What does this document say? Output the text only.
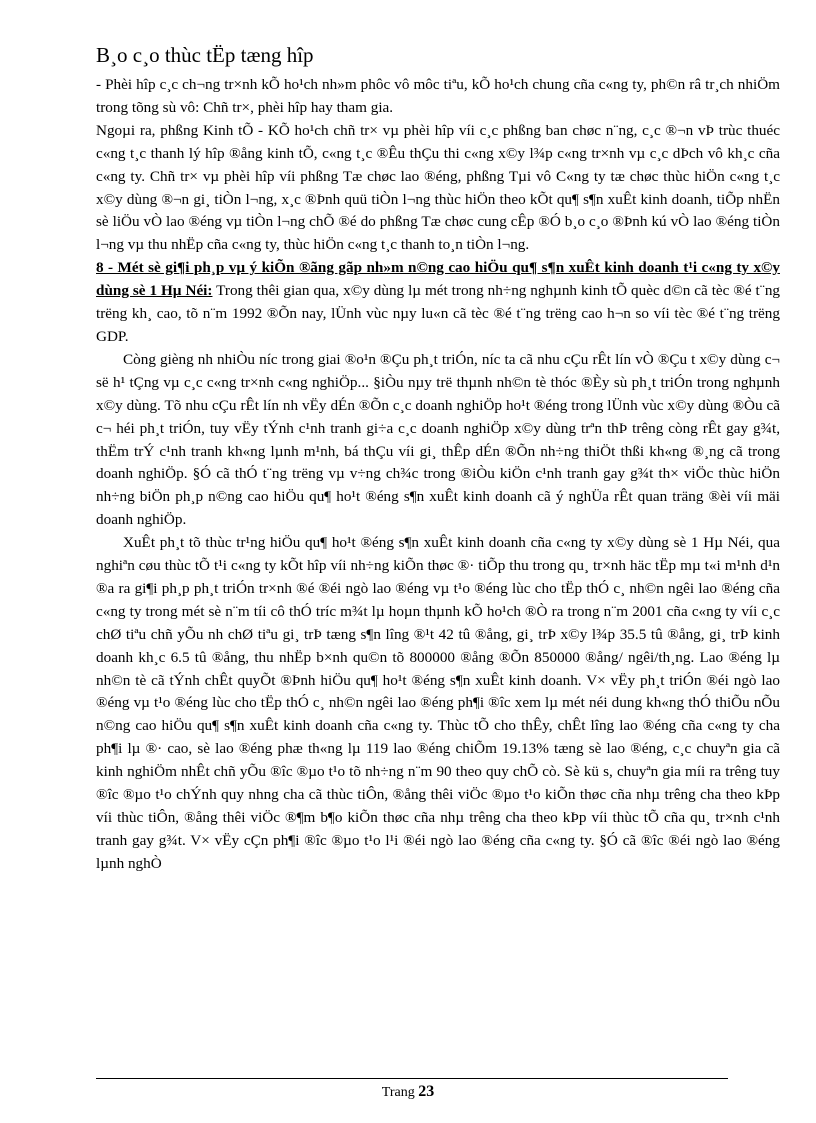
B¸o c¸o thùc tËp tæng hîp

- Phèi hîp c¸c ch¬ng tr×nh kÕ ho¹ch nh»m phôc vô môc tiªu, kÕ ho¹ch chung cña c«ng ty, ph©n râ tr¸ch nhiÖm trong tõng sù vô: Chñ tr×, phèi hîp hay tham gia.

Ngoµi ra, phßng Kinh tÕ - KÕ ho¹ch chñ tr× vµ phèi hîp víi c¸c phßng ban chøc n¨ng, c¸c ®¬n vÞ trùc thuéc c«ng t¸c thanh lý hîp ®ång kinh tÕ, c«ng t¸c ®Êu thÇu thi c«ng x©y l¾p c«ng tr×nh vµ c¸c dÞch vô kh¸c cña c«ng ty. Chñ tr× vµ phèi hîp víi phßng Tæ chøc lao ®éng, phßng Tµi vô C«ng ty tæ chøc thùc hiÖn c«ng t¸c x©y dùng ®¬n gi¸ tiÒn l¬ng, x¸c ®Þnh quü tiÒn l¬ng thùc hiÖn theo kÕt qu¶ s¶n xuÊt kinh doanh, tiÕp nhËn sè liÖu vÒ lao ®éng vµ tiÒn l¬ng chÕ ®é do phßng Tæ chøc cung cÊp ®Ó b¸o c¸o ®Þnh kú vÒ lao ®éng tiÒn l¬ng vµ thu nhËp cña c«ng ty, thùc hiÖn c«ng t¸c thanh to¸n tiÒn l¬ng.

8 - Mét sè gi¶i ph¸p vµ ý kiÕn ®ãng gãp nh»m n©ng cao hiÖu qu¶ s¶n xuÊt kinh doanh t¹i c«ng ty x©y dùng sè 1 Hµ Néi: Trong thêi gian qua, x©y dùng lµ mét trong nh÷ng nghµnh kinh tÕ quèc d©n cã tèc ®é t¨ng trëng kh¸ cao, tõ n¨m 1992 ®Õn nay, lÜnh vùc nµy lu«n cã tèc ®é t¨ng trëng cao h¬n so víi tèc ®é t¨ng trëng GDP.

Còng gièng nh nhiÒu níc trong giai ®o¹n ®Çu ph¸t triÓn, níc ta cã nhu cÇu rÊt lín vÒ ®Çu t x©y dùng c¬ së h¹ tÇng vµ c¸c c«ng tr×nh c«ng nghiÖp... §iÒu nµy trë thµnh nh©n tè thóc ®Èy sù ph¸t triÓn trong nghµnh x©y dùng. Tõ nhu cÇu rÊt lín nh vËy dÉn ®Õn c¸c doanh nghiÖp ho¹t ®éng trong lÜnh vùc x©y dùng ®Òu cã c¬ héi ph¸t triÓn, tuy vËy tÝnh c¹nh tranh gi÷a c¸c doanh nghiÖp x©y dùng trªn thÞ trêng còng rÊt gay g¾t, thËm trÝ c¹nh tranh kh«ng lµnh m¹nh, bá thÇu víi gi¸ thÊp dÉn ®Õn nh÷ng thiÖt thßi kh«ng ®¸ng cã trong doanh nghiÖp. §Ó cã thÓ t¨ng trëng vµ v÷ng ch¾c trong ®iÒu kiÖn c¹nh tranh gay g¾t th× viÖc thùc hiÖn nh÷ng biÖn ph¸p n©ng cao hiÖu qu¶ ho¹t ®éng s¶n xuÊt kinh doanh cã ý nghÜa rÊt quan träng ®èi víi mäi doanh nghiÖp.

XuÊt ph¸t tõ thùc tr¹ng hiÖu qu¶ ho¹t ®éng s¶n xuÊt kinh doanh cña c«ng ty x©y dùng sè 1 Hµ Néi, qua nghiªn cøu thùc tÕ t¹i c«ng ty kÕt hîp víi nh÷ng kiÕn thøc ®· tiÕp thu trong qu¸ tr×nh häc tËp mµ t«i m¹nh d¹n ®a ra gi¶i ph¸p ph¸t triÓn tr×nh ®é ®éi ngò lao ®éng vµ t¹o ®éng lùc cho tËp thÓ c¸ nh©n ngêi lao ®éng cña c«ng ty trong mét sè n¨m tíi cô thÓ tríc m¾t lµ hoµn thµnh kÕ ho¹ch ®Ò ra trong n¨m 2001 cña c«ng ty víi c¸c chØ tiªu chñ yÕu nh chØ tiªu gi¸ trÞ tæng s¶n lîng ®¹t 42 tû ®ång, gi¸ trÞ x©y l¾p 35.5 tû ®ång, gi¸ trÞ kinh doanh kh¸c 6.5 tû ®ång, thu nhËp b×nh qu©n tõ 800000 ®ång ®Õn 850000 ®ång/ ngêi/th¸ng. Lao ®éng lµ nh©n tè cã tÝnh chÊt quyÕt ®Þnh hiÖu qu¶ ho¹t ®éng s¶n xuÊt kinh doanh. V× vËy ph¸t triÓn ®éi ngò lao ®éng vµ t¹o ®éng lùc cho tËp thÓ c¸ nh©n ngêi lao ®éng ph¶i ®îc xem lµ mét néi dung kh«ng thÓ thiÕu nÕu n©ng cao hiÖu qu¶ s¶n xuÊt kinh doanh cña c«ng ty. Thùc tÕ cho thÊy, chÊt lîng lao ®éng cña c«ng ty cha ph¶i lµ ®· cao, sè lao ®éng phæ th«ng lµ 119 lao ®éng chiÕm 19.13% tæng sè lao ®éng, c¸c chuyªn gia cã kinh nghiÖm nhÊt chñ yÕu ®îc ®µo t¹o tõ nh÷ng n¨m 90 theo quy chÕ cò. Sè kü s, chuyªn gia míi ra trêng tuy ®îc ®µo t¹o chÝnh quy nhng cha cã thùc tiÔn, ®ång thêi viÖc ®µo t¹o kiÕn thøc cña nhµ trêng cha theo kÞp víi thùc tiÔn, ®ång thêi viÖc ®¶m b¶o kiÕn thøc cña nhµ trêng cha theo kÞp víi thùc tÕ cña qu¸ tr×nh c¹nh tranh gay g¾t. V× vËy cÇn ph¶i ®îc ®µo t¹o l¹i ®éi ngò lao ®éng cña c«ng ty. §Ó cã ®îc ®éi ngò lao ®éng lµnh nghÒ

Trang 23
